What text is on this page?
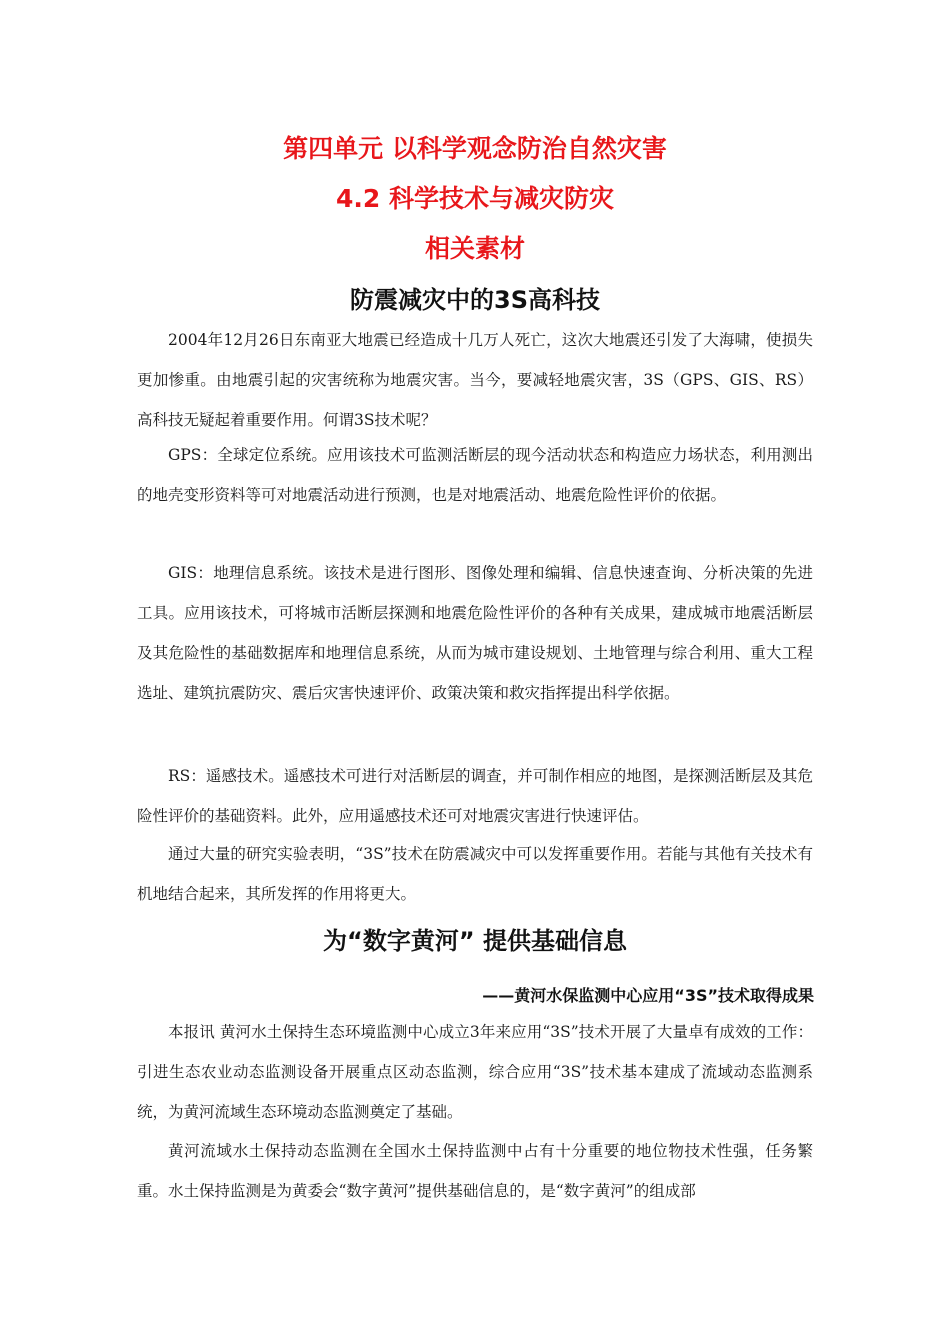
第四单元 以科学观念防治自然灾害
4.2 科学技术与减灾防灾
相关素材
防震减灾中的3S高科技

2004年12月26日东南亚大地震已经造成十几万人死亡，这次大地震还引发了大海啸，使损失更加惨重。由地震引起的灾害统称为地震灾害。当今，要减轻地震灾害，3S（GPS、GIS、RS）高科技无疑起着重要作用。何谓3S技术呢？

GPS：全球定位系统。应用该技术可监测活断层的现今活动状态和构造应力场状态，利用测出的地壳变形资料等可对地震活动进行预测，也是对地震活动、地震危险性评价的依据。

GIS：地理信息系统。该技术是进行图形、图像处理和编辑、信息快速查询、分析决策的先进工具。应用该技术，可将城市活断层探测和地震危险性评价的各种有关成果，建成城市地震活断层及其危险性的基础数据库和地理信息系统，从而为城市建设规划、土地管理与综合利用、重大工程选址、建筑抗震防灾、震后灾害快速评价、政策决策和救灾指挥提出科学依据。

RS：遥感技术。遥感技术可进行对活断层的调查，并可制作相应的地图，是探测活断层及其危险性评价的基础资料。此外，应用遥感技术还可对地震灾害进行快速评估。

通过大量的研究实验表明，“3S”技术在防震减灾中可以发挥重要作用。若能与其他有关技术有机地结合起来，其所发挥的作用将更大。

为“数字黄河” 提供基础信息

——黄河水保监测中心应用“3S”技术取得成果

本报讯 黄河水土保持生态环境监测中心成立3年来应用“3S”技术开展了大量卓有成效的工作：引进生态农业动态监测设备开展重点区动态监测，综合应用“3S”技术基本建成了流域动态监测系统，为黄河流域生态环境动态监测奠定了基础。

黄河流域水土保持动态监测在全国水土保持监测中占有十分重要的地位物技术性强，任务繁重。水土保持监测是为黄委会“数字黄河”提供基础信息的，是“数字黄河”的组成部
